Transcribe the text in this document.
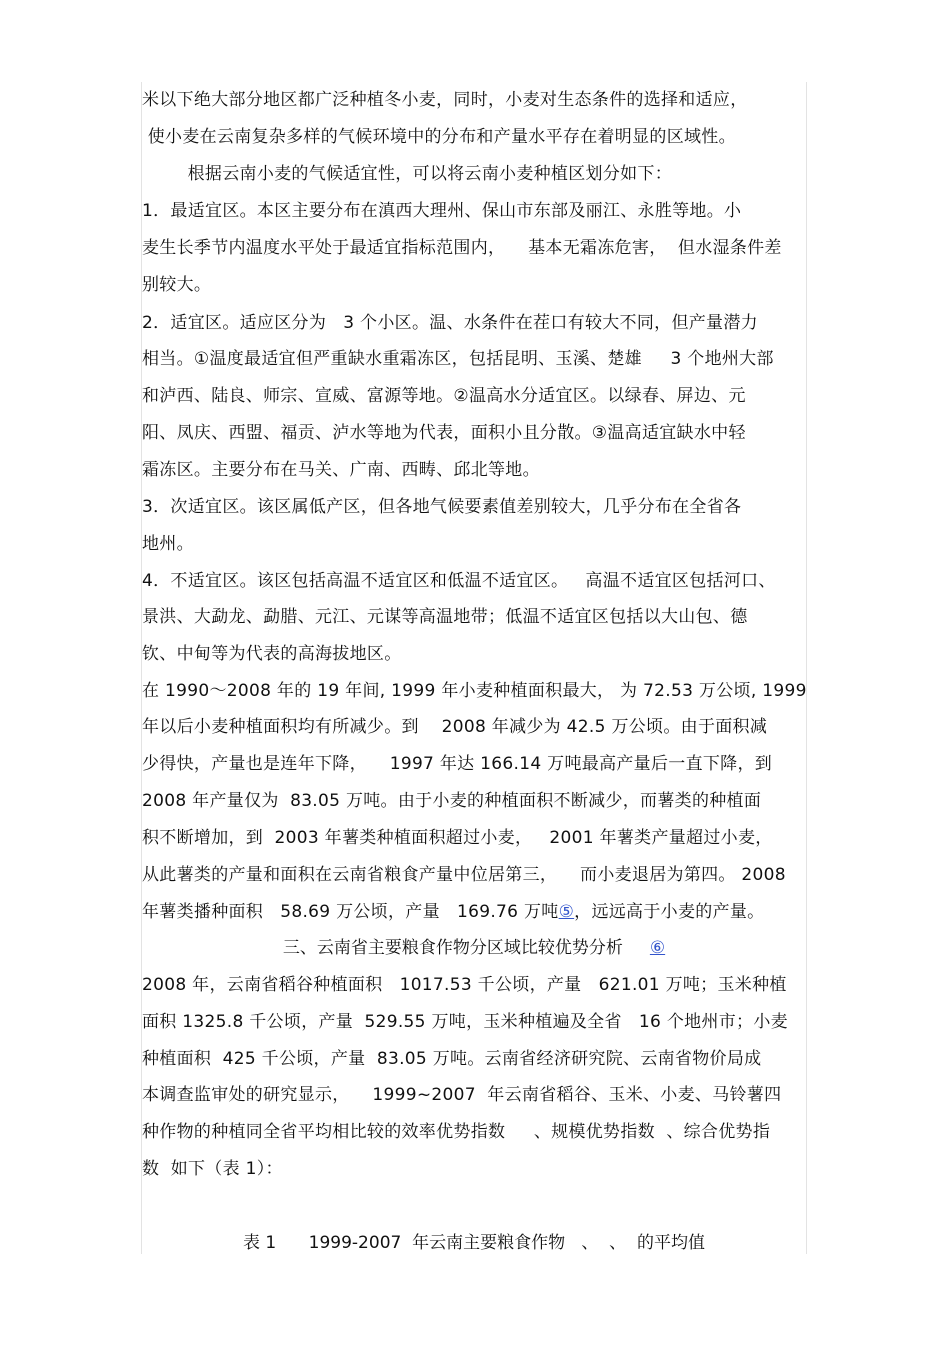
米以下绝大部分地区都广泛种植冬小麦，同时，小麦对生态条件的选择和适应，
使小麦在云南复杂多样的气候环境中的分布和产量水平存在着明显的区域性。
根据云南小麦的气候适宜性，可以将云南小麦种植区划分如下：
1．最适宜区。本区主要分布在滇西大理州、保山市东部及丽江、永胜等地。小
麦生长季节内温度水平处于最适宜指标范围内，    基本无霜冻危害，  但水湿条件差
别较大。
2．适宜区。适应区分为   3 个小区。温、水条件在茬口有较大不同，但产量潜力
相当。①温度最适宜但严重缺水重霜冻区，包括昆明、玉溪、楚雄     3 个地州大部
和泸西、陆良、师宗、宣威、富源等地。②温高水分适宜区。以绿春、屏边、元
阳、凤庆、西盟、福贡、泸水等地为代表，面积小且分散。③温高适宜缺水中轻
霜冻区。主要分布在马关、广南、西畴、邱北等地。
3．次适宜区。该区属低产区，但各地气候要素值差别较大，几乎分布在全省各
地州。
4．不适宜区。该区包括高温不适宜区和低温不适宜区。   高温不适宜区包括河口、
景洪、大勐龙、勐腊、元江、元谋等高温地带；低温不适宜区包括以大山包、德
钦、中甸等为代表的高海拔地区。
在 1990～2008 年的 19 年间, 1999 年小麦种植面积最大， 为 72.53 万公顷, 1999
年以后小麦种植面积均有所减少。到    2008 年减少为 42.5 万公顷。由于面积减
少得快，产量也是连年下降，    1997 年达 166.14 万吨最高产量后一直下降，到
2008 年产量仅为  83.05 万吨。由于小麦的种植面积不断减少，而薯类的种植面
积不断增加，到  2003 年薯类种植面积超过小麦，   2001 年薯类产量超过小麦，
从此薯类的产量和面积在云南省粮食产量中位居第三，    而小麦退居为第四。 2008
年薯类播种面积   58.69 万公顷，产量   169.76 万吨⑤，远远高于小麦的产量。
三、云南省主要粮食作物分区域比较优势分析     ⑥
2008 年，云南省稻谷种植面积   1017.53 千公顷，产量   621.01 万吨；玉米种植
面积 1325.8 千公顷，产量  529.55 万吨，玉米种植遍及全省   16 个地州市；小麦
种植面积  425 千公顷，产量  83.05 万吨。云南省经济研究院、云南省物价局成
本调查监审处的研究显示，    1999~2007  年云南省稻谷、玉米、小麦、马铃薯四
种作物的种植同全省平均相比较的效率优势指数     、规模优势指数  、综合优势指
数  如下（表 1）：
表 1      1999-2007  年云南主要粮食作物   、  、  的平均值
